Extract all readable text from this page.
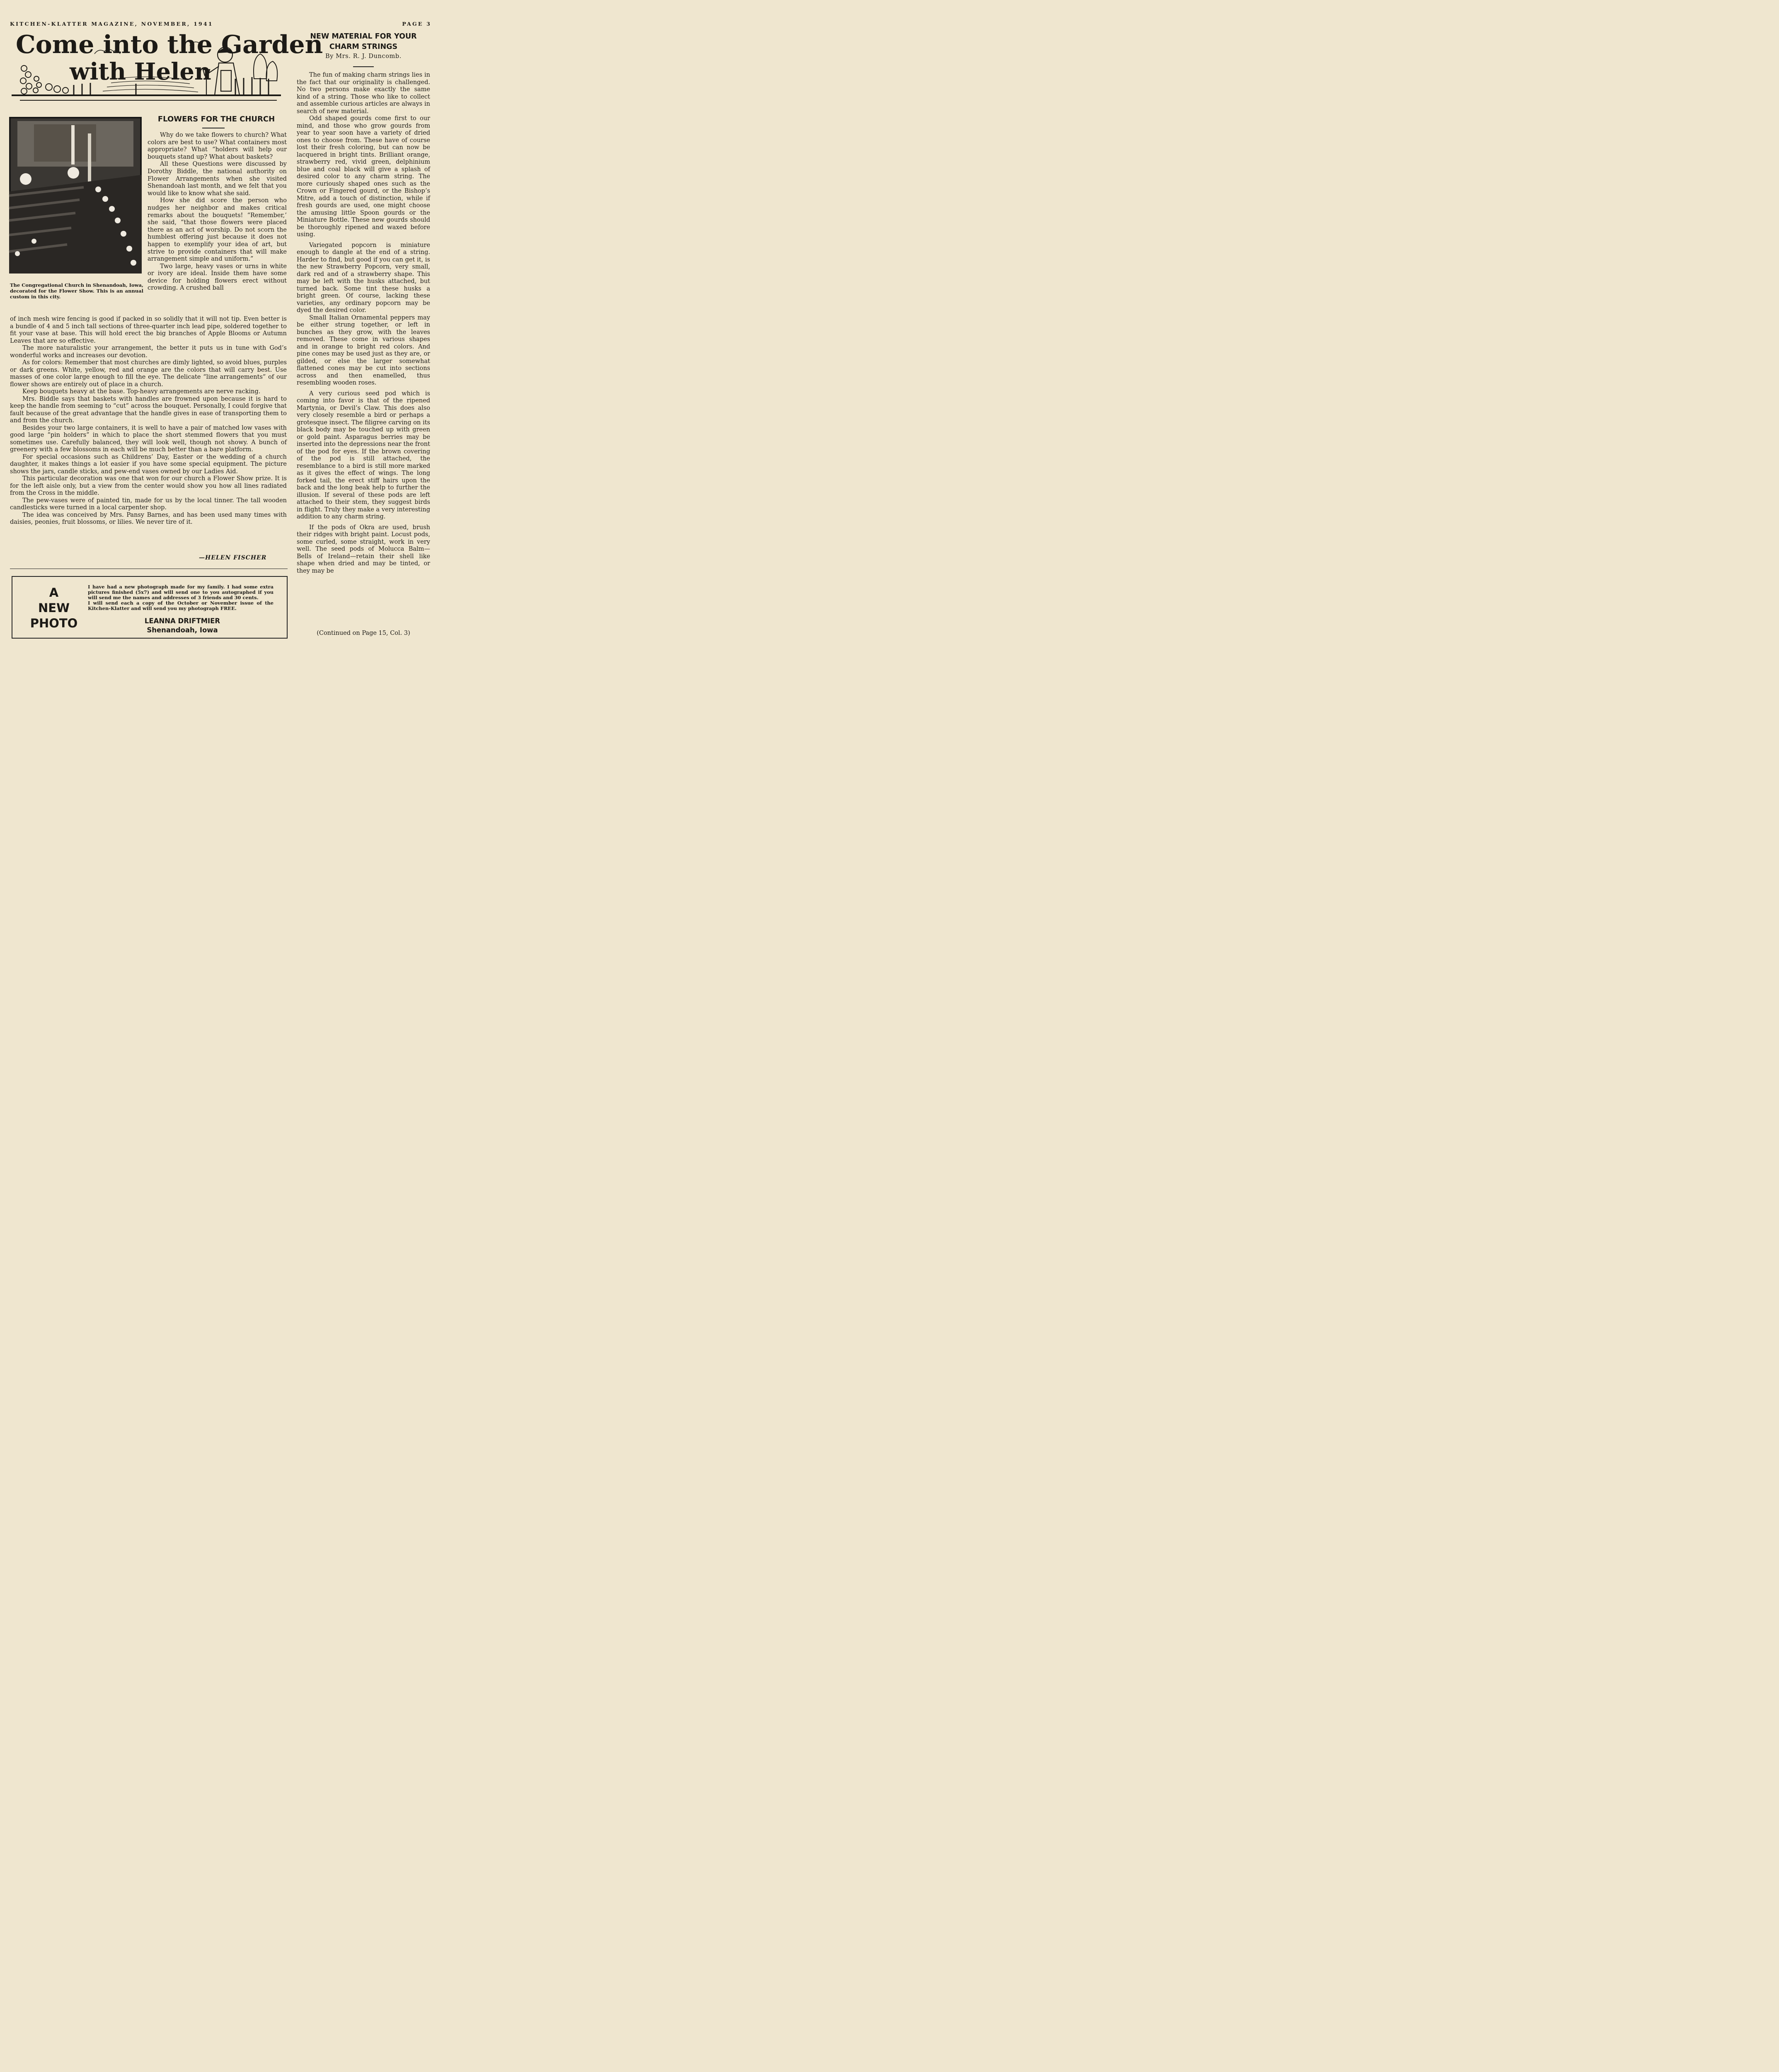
KITCHEN-KLATTER MAGAZINE, NOVEMBER, 1941	PAGE 3
Come into the Garden
with Helen
The Congregational Church in Shenandoah, Iowa, decorated for the Flower Show. This is an annual custom in this city.
FLOWERS FOR THE CHURCH

Why do we take flowers to church? What colors are best to use? What containers most appropriate? What “holders will help our bouquets stand up? What about baskets?

All these Questions were discussed by Dorothy Biddle, the national authority on Flower Arrangements when she visited Shenandoah last month, and we felt that you would like to know what she said.

How she did score the person who nudges her neighbor and makes critical remarks about the bouquets! “Remember,’ she said, “that those flowers were placed there as an act of worship. Do not scorn the humblest offering just because it does not happen to exemplify your idea of art, but strive to provide containers that will make arrangement simple and uniform.”

Two large, heavy vases or urns in white or ivory are ideal. Inside them have some device for holding flowers erect without crowding. A crushed ball

of inch mesh wire fencing is good if packed in so solidly that it will not tip. Even better is a bundle of 4 and 5 inch tall sections of three-quarter inch lead pipe, soldered together to fit your vase at base. This will hold erect the big branches of Apple Blooms or Autumn Leaves that are so effective.

The more naturalistic your arrangement, the better it puts us in tune with God’s wonderful works and increases our devotion.

As for colors: Remember that most churches are dimly lighted, so avoid blues, purples or dark greens. White, yellow, red and orange are the colors that will carry best. Use masses of one color large enough to fill the eye. The delicate “line arrangements” of our flower shows are entirely out of place in a church.

Keep bouquets heavy at the base. Top-heavy arrangements are nerve racking.

Mrs. Biddle says that baskets with handles are frowned upon because it is hard to keep the handle from seeming to “cut” across the bouquet. Personally, I could forgive that fault because of the great advantage that the handle gives in ease of transporting them to and from the church.

Besides your two large containers, it is well to have a pair of matched low vases with good large “pin holders” in which to place the short stemmed flowers that you must sometimes use. Carefully balanced, they will look well, though not showy. A bunch of greenery with a few blossoms in each will be much better than a bare platform.

For special occasions such as Childrens’ Day, Easter or the wedding of a church daughter, it makes things a lot easier if you have some special equipment. The picture shows the jars, candle sticks, and pew-end vases owned by our Ladies Aid.

This particular decoration was one that won for our church a Flower Show prize. It is for the left aisle only, but a view from the center would show you how all lines radiated from the Cross in the middle.

The pew-vases were of painted tin, made for us by the local tinner. The tall wooden candlesticks were turned in a local carpenter shop.

The idea was conceived by Mrs. Pansy Barnes, and has been used many times with daisies, peonies, fruit blossoms, or lilies. We never tire of it.

—HELEN FISCHER
A
NEW
PHOTO
I have had a new photograph made for my family. I had some extra pictures finished (5x7) and will send one to you autographed if you will send me the names and addresses of 3 friends and 30 cents.
I will send each a copy of the October or November issue of the Kitchen-Klatter and will send you my photograph FREE.
LEANNA DRIFTMIER
Shenandoah, Iowa
NEW MATERIAL FOR YOUR
CHARM STRINGS
By Mrs. R. J. Duncomb.

The fun of making charm strings lies in the fact that our originality is challenged. No two persons make exactly the same kind of a string. Those who like to collect and assemble curious articles are always in search of new material.

Odd shaped gourds come first to our mind, and those who grow gourds from year to year soon have a variety of dried ones to choose from. These have of course lost their fresh coloring, but can now be lacquered in bright tints. Brilliant orange, strawberry red, vivid green, delphinium blue and coal black will give a splash of desired color to any charm string. The more curiously shaped ones such as the Crown or Fingered gourd, or the Bishop’s Mitre, add a touch of distinction, while if fresh gourds are used, one might choose the amusing little Spoon gourds or the Miniature Bottle. These new gourds should be thoroughly ripened and waxed before using.

Variegated popcorn is miniature enough to dangle at the end of a string. Harder to find, but good if you can get it, is the new Strawberry Popcorn, very small, dark red and of a strawberry shape. This may be left with the husks attached, but turned back. Some tint these husks a bright green. Of course, lacking these varieties, any ordinary popcorn may be dyed the desired color.

Small Italian Ornamental peppers may be either strung together, or left in bunches as they grow, with the leaves removed. These come in various shapes and in orange to bright red colors. And pine cones may be used just as they are, or gilded, or else the larger somewhat flattened cones may be cut into sections across and then enamelled, thus resembling wooden roses.

A very curious seed pod which is coming into favor is that of the ripened Martynia, or Devil’s Claw. This does also very closely resemble a bird or perhaps a grotesque insect. The filigree carving on its black body may be touched up with green or gold paint. Asparagus berries may be inserted into the depressions near the front of the pod for eyes. If the brown covering of the pod is still attached, the resemblance to a bird is still more marked as it gives the effect of wings. The long forked tail, the erect stiff hairs upon the back and the long beak help to further the illusion. If several of these pods are left attached to their stem, they suggest birds in flight. Truly they make a very interesting addition to any charm string.

If the pods of Okra are used, brush their ridges with bright paint. Locust pods, some curled, some straight, work in very well. The seed pods of Molucca Balm—Bells of Ireland—retain their shell like shape when dried and may be tinted, or they may be

(Continued on Page 15, Col. 3)
